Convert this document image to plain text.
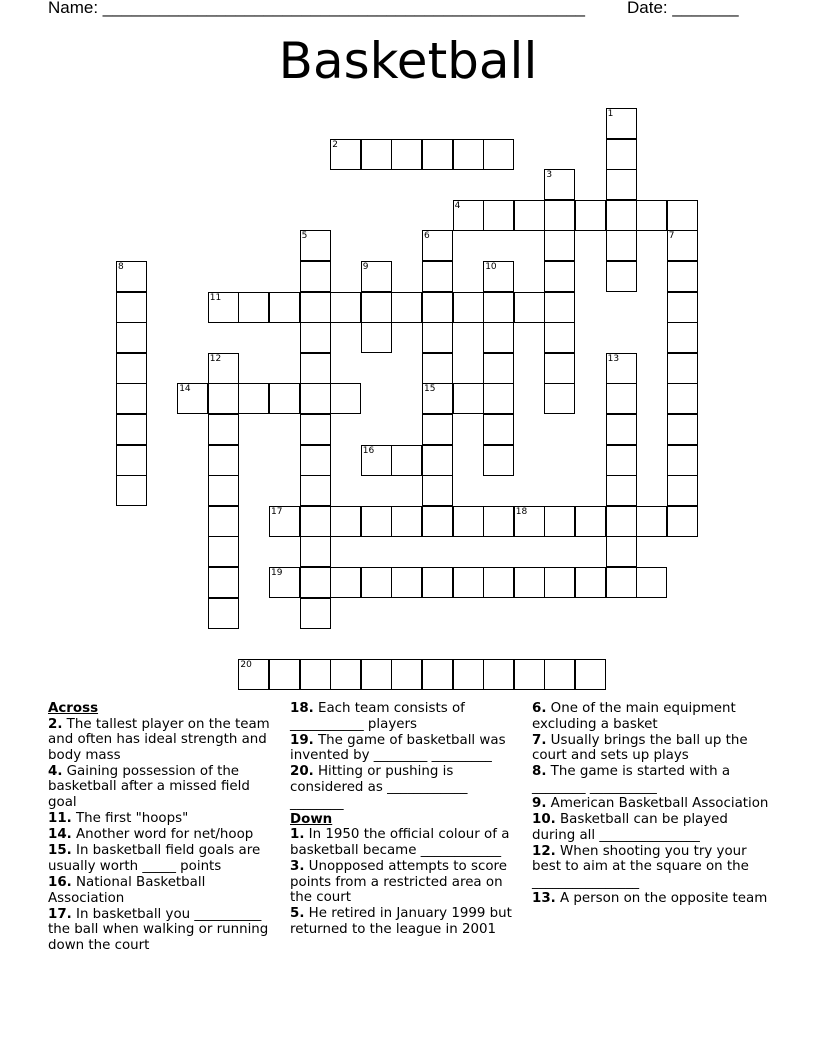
Name: ___________________________________________________ Date: _______
Basketball
1
2
3
4
5	6
15
7
8	9	10
11
12	13
14
16
17	18
19
20
Across
2. The tallest player on the team and often has ideal strength and body mass
4. Gaining possession of the basketball after a missed field goal
11. The first "hoops"
14. Another word for net/hoop
15. In basketball field goals are usually worth _____ points
16. National Basketball Association
17. In basketball you __________ the ball when walking or running down the court
18. Each team consists of ___________ players
19. The game of basketball was invented by ________ _________
20. Hitting or pushing is considered as ____________ ________
Down
1. In 1950 the official colour of a basketball became ____________
3. Unopposed attempts to score points from a restricted area on the court
5. He retired in January 1999 but returned to the league in 2001
6. One of the main equipment excluding a basket
7. Usually brings the ball up the court and sets up plays
8. The game is started with a ________ __________
9. American Basketball Association
10. Basketball can be played during all _______________
12. When shooting you try your best to aim at the square on the ________________
13. A person on the opposite team
